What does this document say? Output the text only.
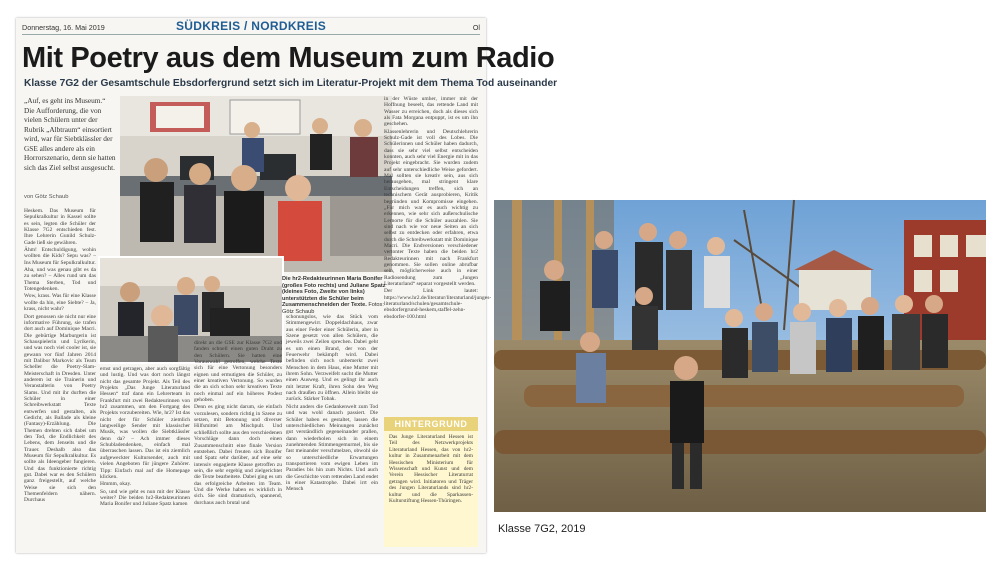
Donnerstag, 16. Mai 2019	SÜDKREIS / NORDKREIS	Ol
Mit Poetry aus dem Museum zum Radio
Klasse 7G2 der Gesamtschule Ebsdorfergrund setzt sich im Literatur-Projekt mit dem Thema Tod auseinander
„Auf, es geht ins Museum.“ Die Aufforderung, die von vielen Schülern unter der Rubrik „Albtraum“ einsortiert wird, war für Siebtklässler der GSE alles andere als ein Horrorszenario, denn sie hatten sich das Ziel selbst ausgesucht.
von Götz Schaub
Die hr2-Redakteurinnen Maria Bonifer (großes Foto rechts) und Juliane Spatz (kleines Foto, Zweite von links) unterstützten die Schüler beim Zusammenschneiden der Texte. Fotos: Götz Schaub

Heskem. Das Museum für Sepulkralkultur in Kassel sollte es sein, legten die Schüler der Klasse 7G2 entschieden fest. Ihre Lehrerin Gunild Schulz-Gade ließ sie gewähren.

Ähm! Entschuldigung, wohin wollten die Kids? Sepu was? – Ins Museum für Sepulkralkultur.

Aha, und was genau gibt es da zu sehen? – Alles rund um das Thema Sterben, Tod und Totengedenken.

Wow, krass. Was für eine Klasse wollte da hin, eine Siebte? – Ja, krass, nicht wahr?

Dort genossen sie nicht nur eine informative Führung, sie trafen dort auch auf Dominique Macri. Die gebürtige Marburgerin ist Schauspielerin und Lyrikerin, und was noch viel cooler ist, sie gewann vor fünf Jahren 2014 mit Dalibor Markovic als Team Scheller die Poetry-Slam-Meisterschaft in Dresden. Unter anderem ist sie Trainerin und Veranstalterin von Poetry Slams. Und mit ihr durften die Schüler in einer Schreibwerkstatt Texte entwerfen und gestalten, als Gedicht, als Ballade als kleine (Fantasy)-Erzählung. Die Themen drehten sich dabei um den Tod, die Endlichkeit des Lebens, dem Jenseits und die Trauer. Deshalb also das Museum für Sepulkralkultur. Es sollte als Ideengeber fungieren. Und das funktionierte richtig gut. Dabei war es den Schülern ganz freigestellt, auf welche Weise sie sich den Themenfeldern nähern. Durchaus

ernst und getragen, aber auch sorgfältig und lustig. Und was dort noch längst nicht das gesamte Projekt. Als Teil des Projekts „Das Junge Literaturland Hessen“ traf dann ein Lehrerteam in Frankfurt mit zwei Redakteurinnen von hr2 zusammen, um den Fortgang des Projekts vorzubereiten. Wie, hr2? Ist das nicht der für Schüler ziemlich langweilige Sender mit klassischer Musik, was wollen die Siebtklässler denn da? – Ach immer dieses Schubladendenken, einfach mal überraschen lassen. Das ist ein ziemlich aufgeweckter Kultursender, auch mit vielen Angeboten für jüngere Zuhörer. Tipp: Einfach mal auf die Homepage klicken.

Hmmm, okay.

So, und wie geht es nun mit der Klasse weiter? Die beiden hr2-Redakteurinnen Maria Bonifer und Juliane Spatz kamen

direkt an die GSE zur Klasse 7G2 und fanden schnell einen guten Draht zu den Schülern. Sie hatten eine Vorauswahl getroffen, welche Texte sich für eine Vertonung besonders eignen und ermutigten die Schüler, zu einer kreativen Vertonung. So wurden die an sich schon sehr kreativen Texte noch einmal auf ein höheres Podest gehoben.

Denn es ging nicht darum, sie einfach vorzulesen, sondern richtig in Szene zu setzen, mit Betonung und diverser Hilfsmittel am Mischpult. Und schließlich sollte aus den verschiedenen Vorschläge dann doch einen Zusammenschnitt eine finale Version entstehen. Dabei freuten sich Bonifer und Spatz sehr darüber, auf eine sehr intensiv engagierte Klasse getroffen zu sein, die sehr ergebig und zielgerichtet die Texte bearbeitete. Dabei ging es um das erfolgreiche Arbeiten im Team. Und die Werke haben es wirklich in sich. Sie sind dramatisch, spannend, durchaus auch brutal und

schonungslos, wie das Stück vom Stimmengewirr. Doppeldachhaus, zwar aus einer Feder einer Schülerin, aber in Szene gesetzt von allen Schülern, die jeweils zwei Zeilen sprechen. Dabei geht es um einen Brand, der von der Feuerwehr bekämpft wird. Dabei befinden sich noch unbemerkt zwei Menschen in dem Haus, eine Mutter mit ihrem Sohn. Verzweifelt sucht die Mutter einen Ausweg. Und es gelingt ihr auch mit letzter Kraft, ihren Sohn den Weg nach draußen zu öffnen. Allein bleibt sie zurück. Stärker Tobak.

Nicht anders die Gedankenwelt zum Tod und was wohl danach passiert. Die Schüler haben es gestaltet, lassen die unterschiedlichen Meinungen zunächst gut verständlich gegeneinander prallen, dann wiederholen sich in einem zunehmenden Stimmengemurmel, bis sie fast meinander verschmelzen, obwohl sie so unterschiedliche Erwartungen transportieren vom ewigen Leben im Paradies bis hin zum Nichts. Und auch die Geschichte vom rettenden Land endet in einer Katastrophe. Dabei irrt ein Mensch

in der Wüste umher, immer mit der Hoffnung beseelt, das rettende Land mit Wasser zu erreichen, doch als dieses sich als Fata Morgana entpuppt, ist es um ihn geschehen.

Klassenlehrerin und Deutschlehrerin Schulz-Gade ist voll des Lobes. Die Schülerinnen und Schüler haben dadurch, dass sie sehr viel selbst entscheiden konnten, auch sehr viel Energie mit in das Projekt eingebracht. Sie wurden zudem auf sehr unterschiedliche Weise gefordert. Mal sollten sie kreativ sein, aus sich herausgehen, mal stringent klare Entscheidungen treffen, sich an technischem Gerät ausprobieren, Kritik begründen und Kompromisse eingehen. „Für mich war es auch wichtig zu erkennen, wie sehr sich außerschulische Lernorte für die Schüler auszahlen. Sie sind nach wie vor neue Seiten an sich selbst zu entdecken oder erfahren, etwa durch die Schreibwerkstatt mit Dominique Macri. Die Endversionen verschiedener vertonter Texte haben die beiden hr2 Redakteurinnen mit nach Frankfurt genommen. Sie sollen online abrufbar sein, möglicherweise auch in einer Radiosendung zum „Jungen Literaturland“ separat vorgestellt werden.

Der Link lautet: https://www.hr2.de/literatur/literaturland/junges-literaturland/schulen/gesamtschule-ebsdorfergrund-heskem,staffel-zehn-ebsdorfer-100.html

HINTERGRUND
Das Junge Literaturland Hessen ist Teil des Netzwerkprojekts Literaturland Hessen, das von hr2-kultur in Zusammenarbeit mit dem Hessischen Ministerium für Wissenschaft und Kunst und dem Verein Hessischer Literaturrat getragen wird. Initiatoren und Träger des Jungen Literaturlands sind hr2-kultur und die Sparkassen-Kulturstiftung Hessen-Thüringen.
Klasse 7G2, 2019
